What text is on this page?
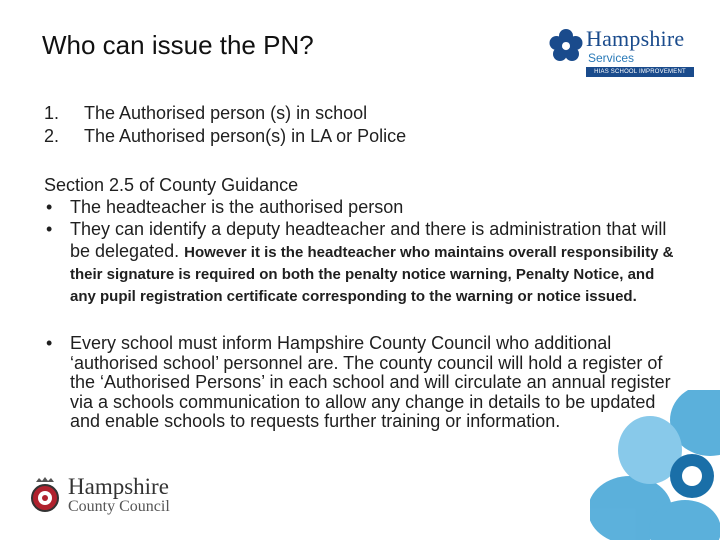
Who can issue the PN?	Hampshire
Services
HIAS SCHOOL IMPROVEMENT
1.	The Authorised person (s) in school
2.	The Authorised person(s) in LA or Police
Section 2.5 of County Guidance
• The headteacher is the authorised person
• They can identify a deputy headteacher and there is administration that will be delegated. However it is the headteacher who maintains overall responsibility & their signature is required on both the penalty notice warning, Penalty Notice, and any pupil registration certificate corresponding to the warning or notice issued.
• Every school must inform Hampshire County Council who additional ‘authorised school’ personnel are. The county council will hold a register of the ‘Authorised Persons’ in each school and will circulate an annual register via a schools communication to allow any change in details to be updated and enable schools to requests further training or information.
Hampshire
County Council
